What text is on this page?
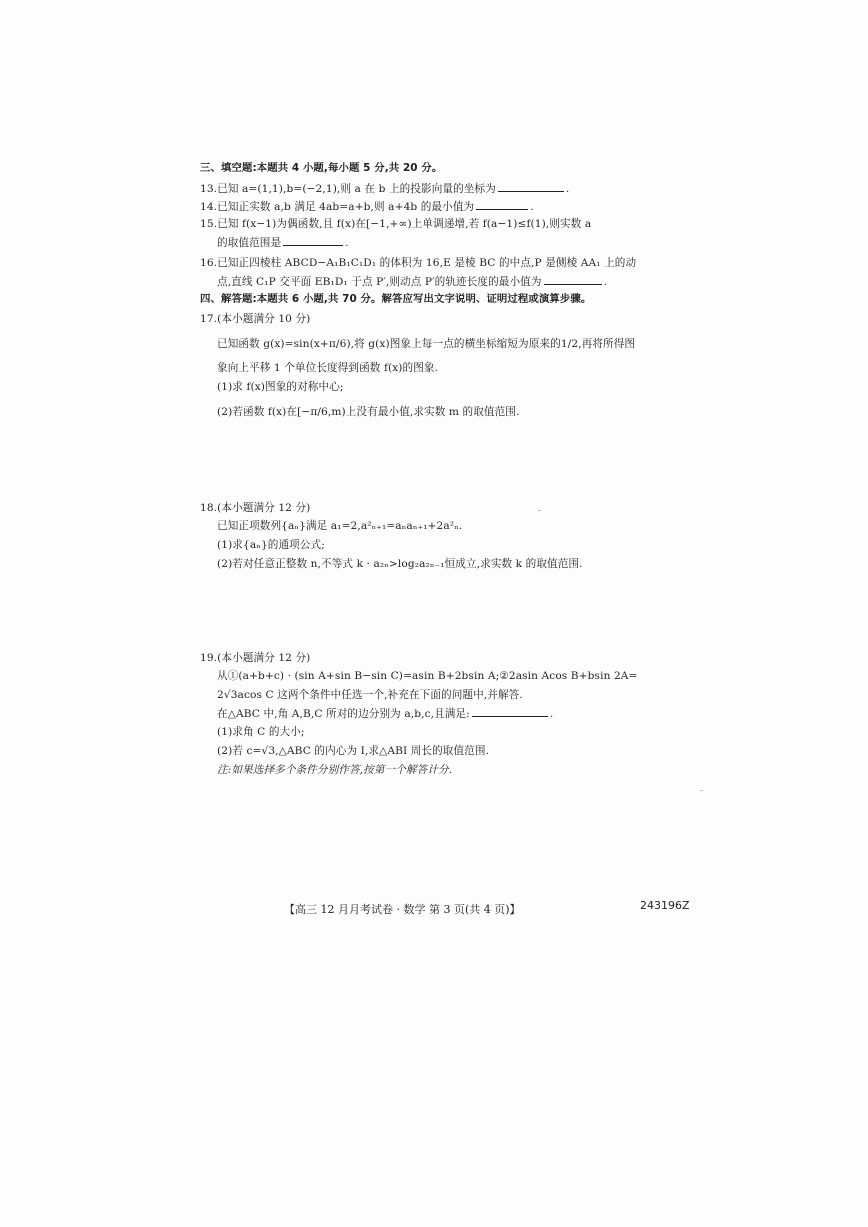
三、填空题:本题共 4 小题,每小题 5 分,共 20 分。
13.已知 a=(1,1),b=(−2,1),则 a 在 b 上的投影向量的坐标为	.
14.已知正实数 a,b 满足 4ab=a+b,则 a+4b 的最小值为	.
15.已知 f(x−1)为偶函数,且 f(x)在[−1,+∞)上单调递增,若 f(a−1)≤f(1),则实数 a
的取值范围是	.
16.已知正四棱柱 ABCD−A₁B₁C₁D₁ 的体积为 16,E 是棱 BC 的中点,P 是侧棱 AA₁ 上的动
点,直线 C₁P 交平面 EB₁D₁ 于点 P′,则动点 P′的轨迹长度的最小值为	.
四、解答题:本题共 6 小题,共 70 分。解答应写出文字说明、证明过程或演算步骤。
17.(本小题满分 10 分)
已知函数 g(x)=sin(x+π/6),将 g(x)图象上每一点的横坐标缩短为原来的1/2,再将所得图
象向上平移 1 个单位长度得到函数 f(x)的图象.
(1)求 f(x)图象的对称中心;
(2)若函数 f(x)在[−π/6,m)上没有最小值,求实数 m 的取值范围.
18.(本小题满分 12 分)
已知正项数列{aₙ}满足 a₁=2,a²ₙ₊₁=aₙaₙ₊₁+2a²ₙ.
(1)求{aₙ}的通项公式;
(2)若对任意正整数 n,不等式 k · a₂ₙ>log₂a₂ₙ₋₁恒成立,求实数 k 的取值范围.
19.(本小题满分 12 分)
从①(a+b+c) · (sin A+sin B−sin C)=asin B+2bsin A;②2asin Acos B+bsin 2A=
2√3acos C 这两个条件中任选一个,补充在下面的问题中,并解答.
在△ABC 中,角 A,B,C 所对的边分别为 a,b,c,且满足:	.
(1)求角 C 的大小;
(2)若 c=√3,△ABC 的内心为 I,求△ABI 周长的取值范围.
注:如果选择多个条件分别作答,按第一个解答计分.
【高三 12 月月考试卷 · 数学 第 3 页(共 4 页)】	243196Z
